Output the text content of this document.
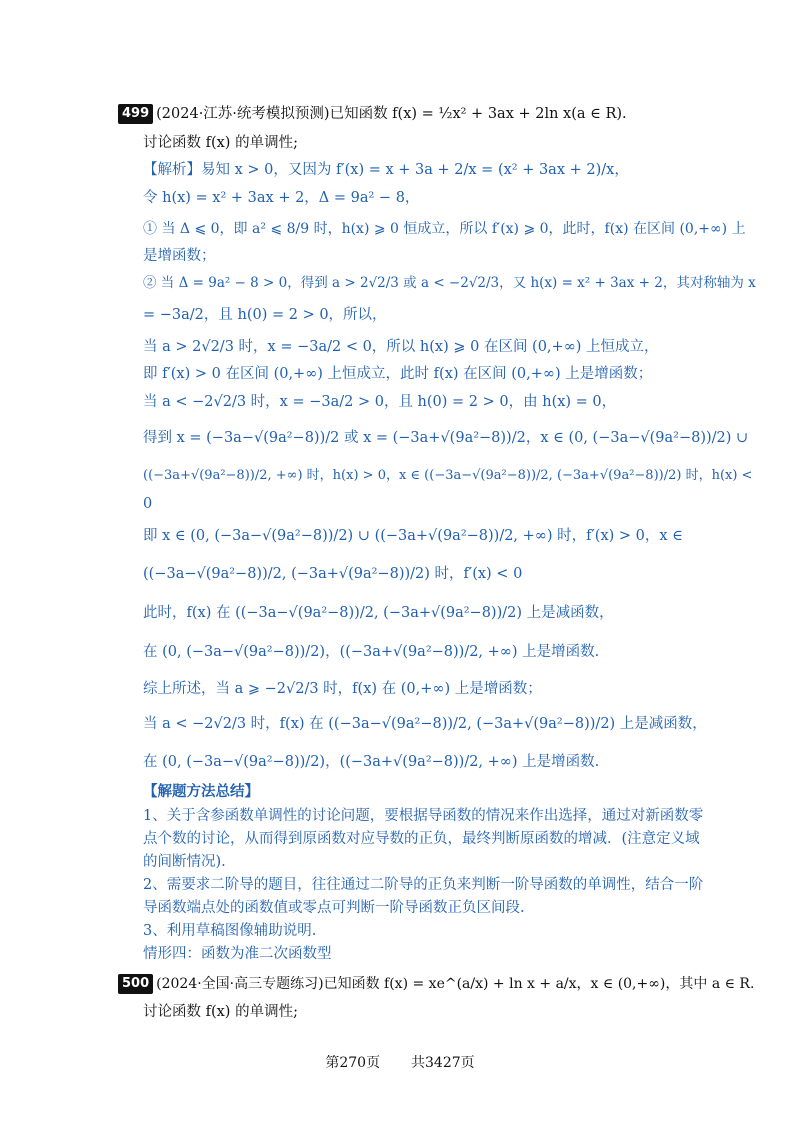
499 (2024·江苏·统考模拟预测)已知函数 f(x) = ½x² + 3ax + 2ln x(a ∈ R).
讨论函数 f(x) 的单调性;
【解析】易知 x > 0，又因为 f′(x) = x + 3a + 2/x = (x² + 3ax + 2)/x，
令 h(x) = x² + 3ax + 2，Δ = 9a² − 8，
① 当 Δ ⩽ 0，即 a² ⩽ 8/9 时，h(x) ⩾ 0 恒成立，所以 f′(x) ⩾ 0，此时，f(x) 在区间 (0,+∞) 上
是增函数；
② 当 Δ = 9a² − 8 > 0，得到 a > 2√2/3 或 a < −2√2/3，又 h(x) = x² + 3ax + 2，其对称轴为 x
= −3a/2，且 h(0) = 2 > 0，所以，
当 a > 2√2/3 时，x = −3a/2 < 0，所以 h(x) ⩾ 0 在区间 (0,+∞) 上恒成立，
即 f′(x) > 0 在区间 (0,+∞) 上恒成立，此时 f(x) 在区间 (0,+∞) 上是增函数；
当 a < −2√2/3 时，x = −3a/2 > 0，且 h(0) = 2 > 0，由 h(x) = 0，
得到 x = (−3a−√(9a²−8))/2 或 x = (−3a+√(9a²−8))/2，x ∈ (0, (−3a−√(9a²−8))/2) ∪
((−3a+√(9a²−8))/2, +∞) 时，h(x) > 0，x ∈ ((−3a−√(9a²−8))/2, (−3a+√(9a²−8))/2) 时，h(x) <
0
即 x ∈ (0, (−3a−√(9a²−8))/2) ∪ ((−3a+√(9a²−8))/2, +∞) 时，f′(x) > 0，x ∈
((−3a−√(9a²−8))/2, (−3a+√(9a²−8))/2) 时，f′(x) < 0
此时，f(x) 在 ((−3a−√(9a²−8))/2, (−3a+√(9a²−8))/2) 上是减函数，
在 (0, (−3a−√(9a²−8))/2)，((−3a+√(9a²−8))/2, +∞) 上是增函数.
综上所述，当 a ⩾ −2√2/3 时，f(x) 在 (0,+∞) 上是增函数；
当 a < −2√2/3 时，f(x) 在 ((−3a−√(9a²−8))/2, (−3a+√(9a²−8))/2) 上是减函数，
在 (0, (−3a−√(9a²−8))/2)，((−3a+√(9a²−8))/2, +∞) 上是增函数.
【解题方法总结】
1、关于含参函数单调性的讨论问题，要根据导函数的情况来作出选择，通过对新函数零
点个数的讨论，从而得到原函数对应导数的正负，最终判断原函数的增减．(注意定义域
的间断情况).
2、需要求二阶导的题目，往往通过二阶导的正负来判断一阶导函数的单调性，结合一阶
导函数端点处的函数值或零点可判断一阶导函数正负区间段.
3、利用草稿图像辅助说明.
情形四：函数为准二次函数型
500 (2024·全国·高三专题练习)已知函数 f(x) = xe^(a/x) + ln x + a/x，x ∈ (0,+∞)，其中 a ∈ R.
讨论函数 f(x) 的单调性;
第270页 共3427页
